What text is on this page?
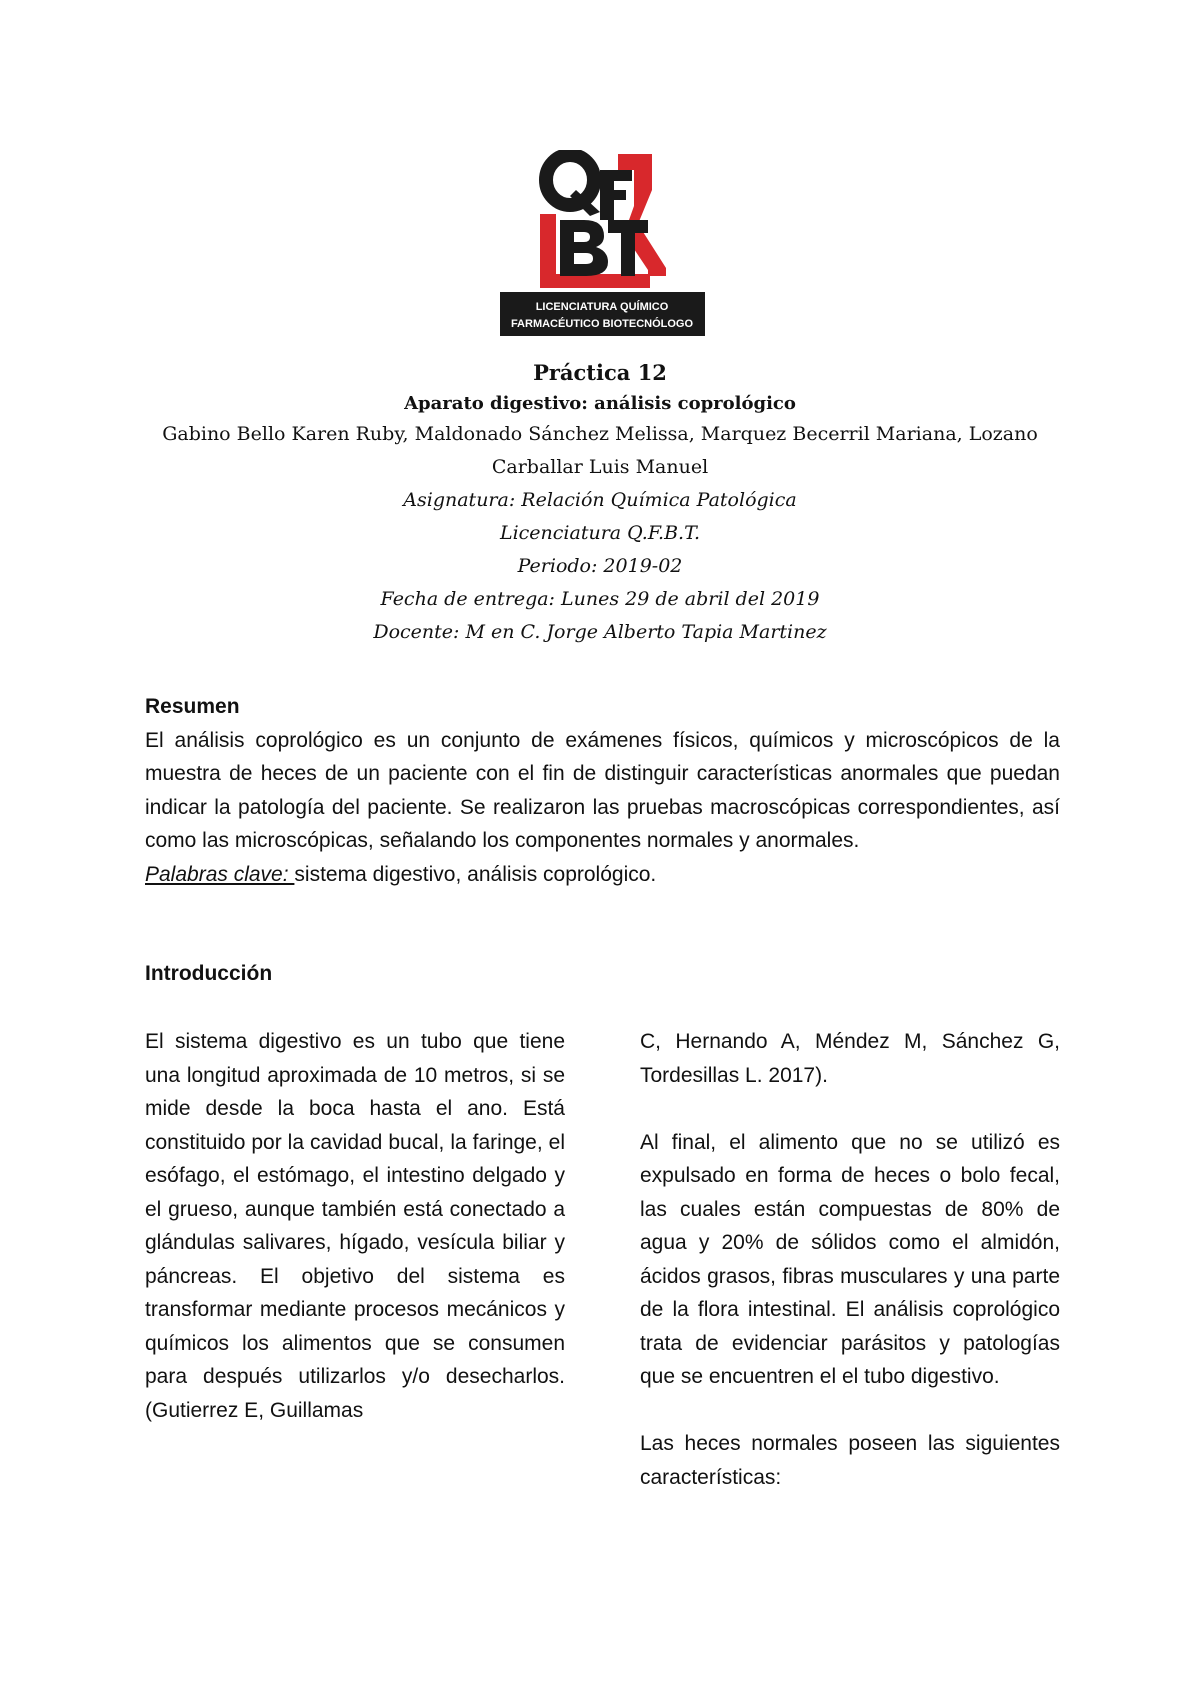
LICENCIATURA QUÍMICO
FARMACÉUTICO BIOTECNÓLOGO

Práctica 12

Aparato digestivo: análisis coprológico

Gabino Bello Karen Ruby, Maldonado Sánchez Melissa, Marquez Becerril Mariana, Lozano Carballar Luis Manuel

Asignatura: Relación Química Patológica

Licenciatura Q.F.B.T.

Periodo: 2019-02

Fecha de entrega: Lunes 29 de abril del 2019

Docente: M en C. Jorge Alberto Tapia Martinez

Resumen

El análisis coprológico es un conjunto de exámenes físicos, químicos y microscópicos de la muestra de heces de un paciente con el fin de distinguir características anormales que puedan indicar la patología del paciente. Se realizaron las pruebas macroscópicas correspondientes, así como las microscópicas, señalando los componentes normales y anormales.

Palabras clave: sistema digestivo, análisis coprológico.

Introducción

El sistema digestivo es un tubo que tiene una longitud aproximada de 10 metros, si se mide desde la boca hasta el ano. Está constituido por la cavidad bucal, la faringe, el esófago, el estómago, el intestino delgado y el grueso, aunque también está conectado a glándulas salivares, hígado, vesícula biliar y páncreas. El objetivo del sistema es transformar mediante procesos mecánicos y químicos los alimentos que se consumen para después utilizarlos y/o desecharlos. (Gutierrez E, Guillamas

C, Hernando A, Méndez M, Sánchez G, Tordesillas L. 2017).

Al final, el alimento que no se utilizó es expulsado en forma de heces o bolo fecal, las cuales están compuestas de 80% de agua y 20% de sólidos como el almidón, ácidos grasos, fibras musculares y una parte de la flora intestinal. El análisis coprológico trata de evidenciar parásitos y patologías que se encuentren el el tubo digestivo.

Las heces normales poseen las siguientes características:
